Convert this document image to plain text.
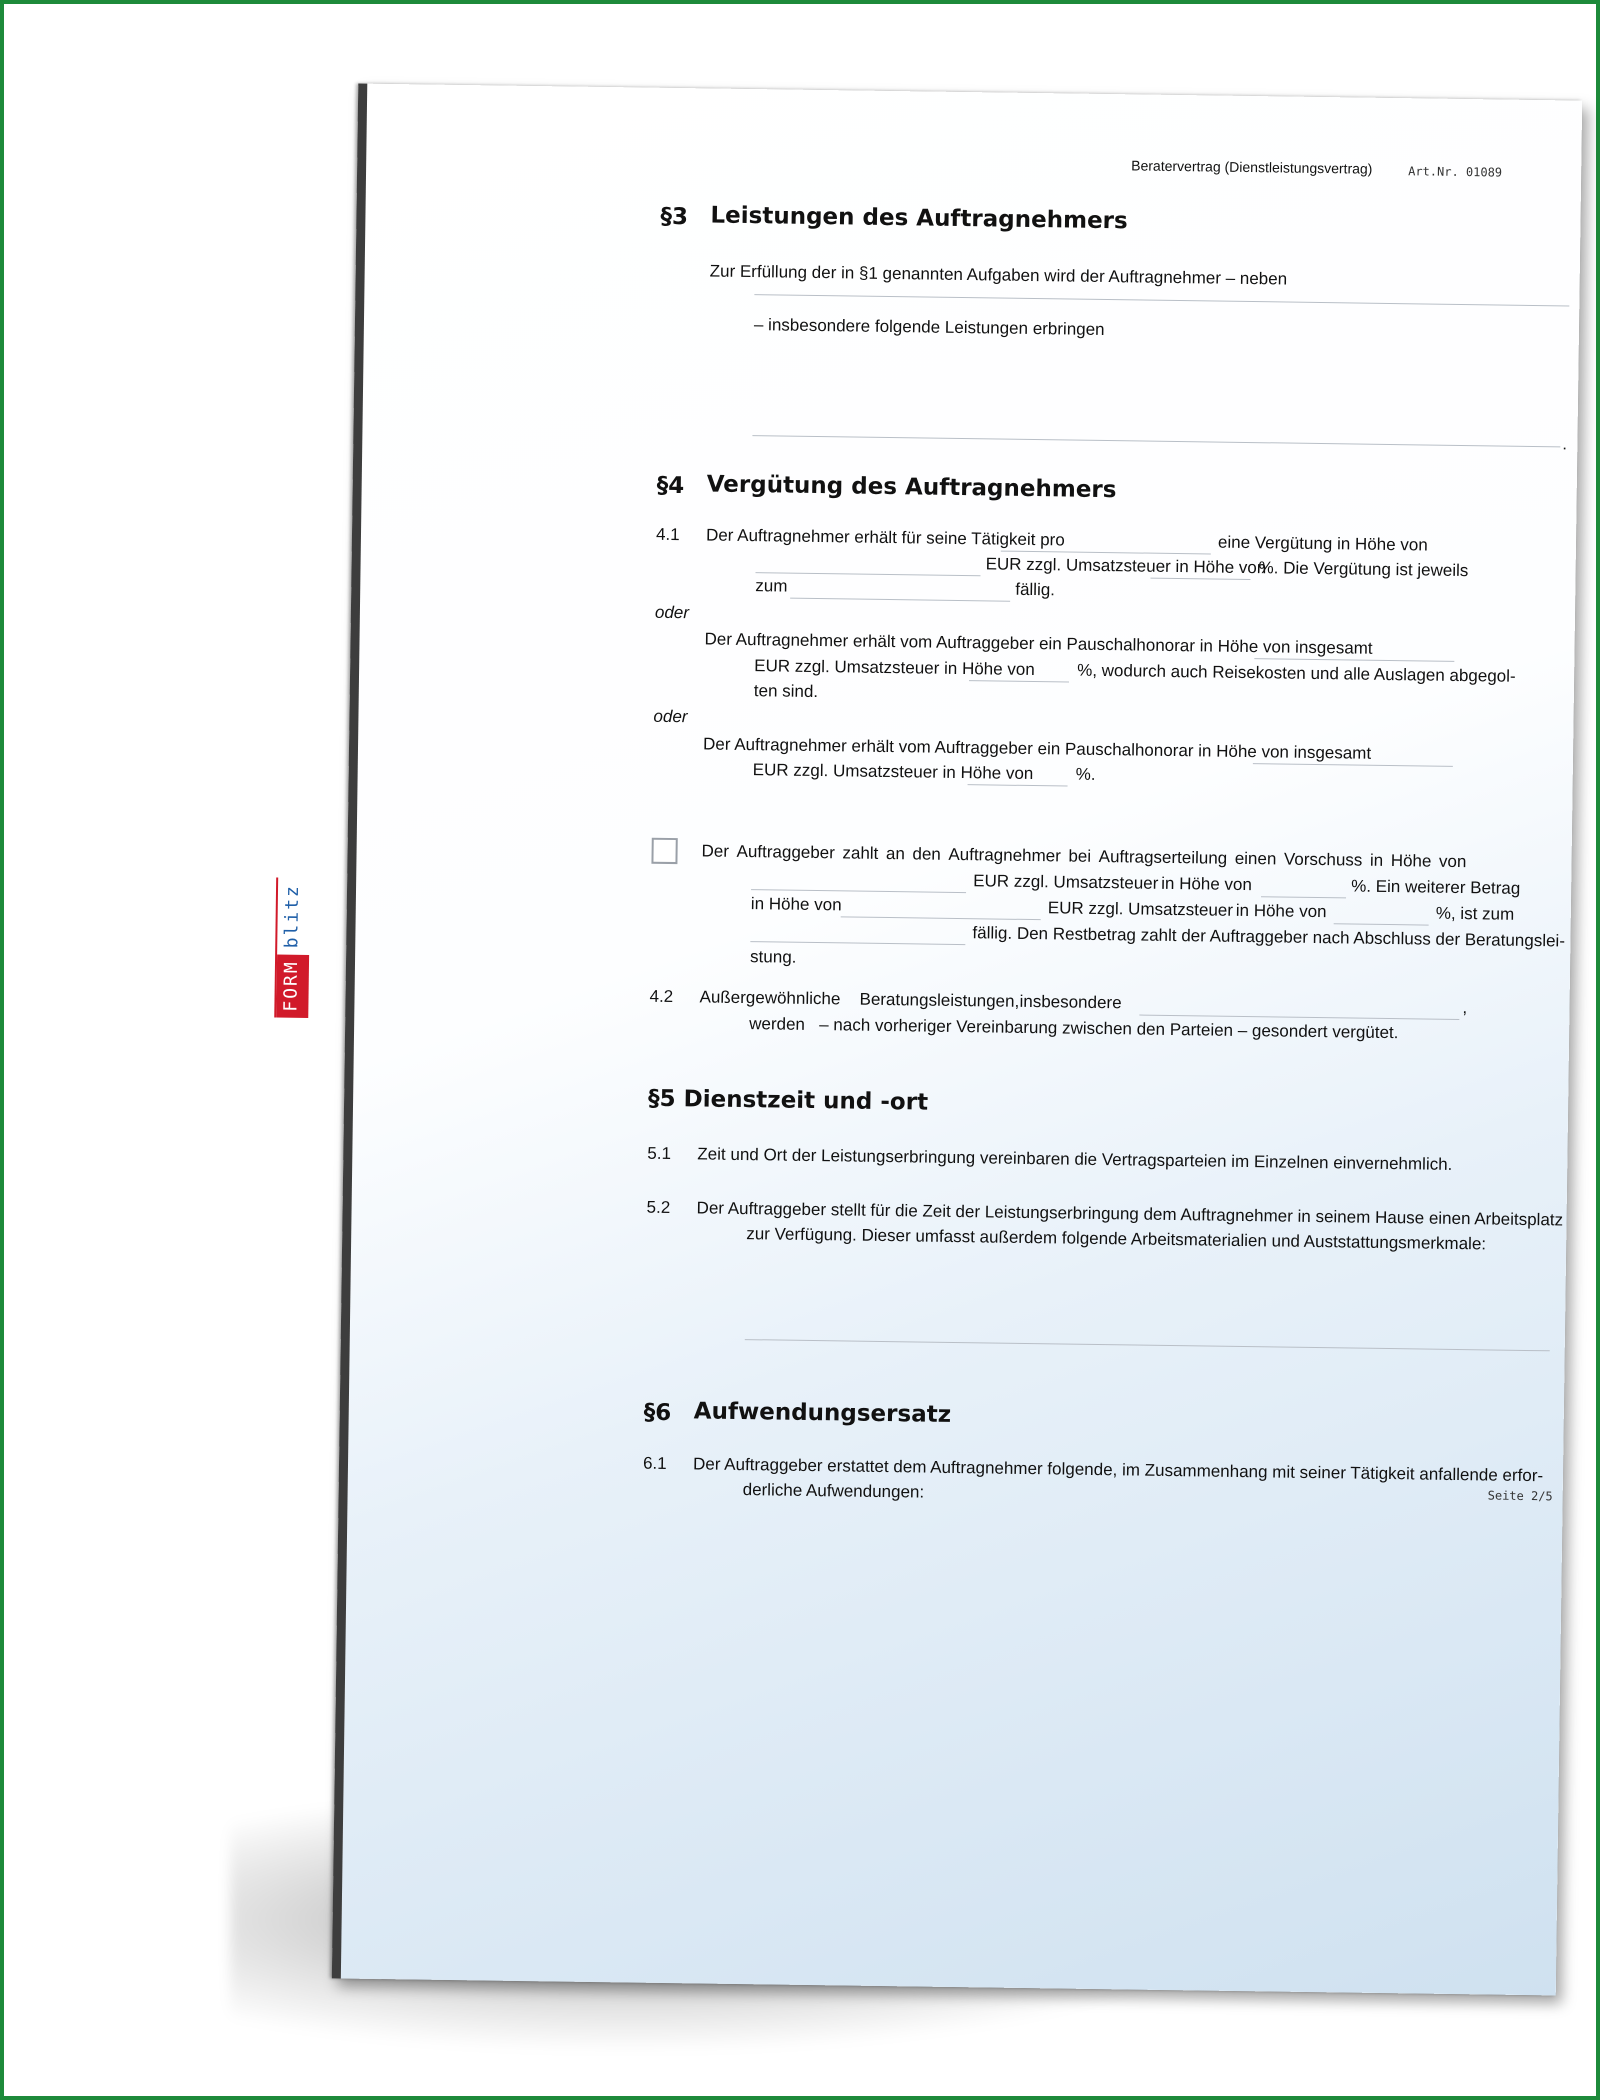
Beratervertrag (Dienstleistungsvertrag)	Art.Nr. 01089
FORM
blitz
§3 Leistungen des Auftragnehmers
Zur Erfüllung der in §1 genannten Aufgaben wird der Auftragnehmer – neben
– insbesondere folgende Leistungen erbringen
.
§4 Vergütung des Auftragnehmers
4.1 Der Auftragnehmer erhält für seine Tätigkeit pro	eine Vergütung in Höhe von
EUR zzgl. Umsatzsteuer in Höhe von
%. Die Vergütung ist jeweils
zum	fällig.
oder
Der Auftragnehmer erhält vom Auftraggeber ein Pauschalhonorar in Höhe von insgesamt
EUR zzgl. Umsatzsteuer in Höhe von %, wodurch auch Reisekosten und alle Auslagen abgegol-
ten sind.
oder
Der Auftragnehmer erhält vom Auftraggeber ein Pauschalhonorar in Höhe von insgesamt
EUR zzgl. Umsatzsteuer in Höhe von %.
Der Auftraggeber zahlt an den Auftragnehmer bei Auftragserteilung einen Vorschuss in Höhe von
EUR zzgl. Umsatzsteuer in Höhe von	%. Ein weiterer Betrag
in Höhe von	EUR zzgl. Umsatzsteuer in Höhe von	%, ist zum
fällig. Den Restbetrag zahlt der Auftraggeber nach Abschluss der Beratungslei-
stung.
4.2 Außergewöhnliche Beratungsleistungen, insbesondere	,
werden – nach vorheriger Vereinbarung zwischen den Parteien – gesondert vergütet.
§5 Dienstzeit und -ort
5.1 Zeit und Ort der Leistungserbringung vereinbaren die Vertragsparteien im Einzelnen einvernehmlich.
5.2 Der Auftraggeber stellt für die Zeit der Leistungserbringung dem Auftragnehmer in seinem Hause einen Arbeitsplatz
zur Verfügung. Dieser umfasst außerdem folgende Arbeitsmaterialien und Auststattungsmerkmale:
§6 Aufwendungsersatz
6.1 Der Auftraggeber erstattet dem Auftragnehmer folgende, im Zusammenhang mit seiner Tätigkeit anfallende erfor-
derliche Aufwendungen:	Seite 2/5
